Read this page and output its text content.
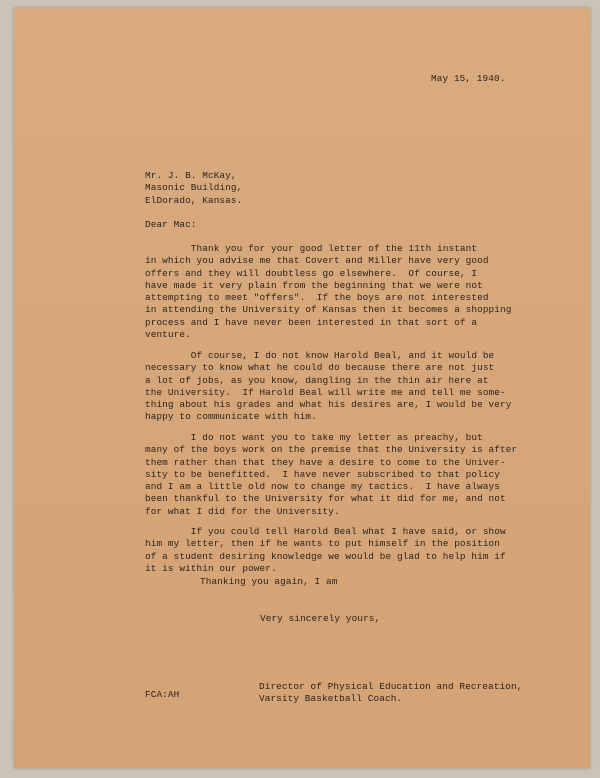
May 15, 1940.
Mr. J. B. McKay,
Masonic Building,
ElDorado, Kansas.
Dear Mac:
Thank you for your good letter of the 11th instant
in which you advise me that Covert and Miller have very good
offers and they will doubtless go elsewhere.  Of course, I
have made it very plain from the beginning that we were not
attempting to meet "offers".  If the boys are not interested
in attending the University of Kansas then it becomes a shopping
process and I have never been interested in that sort of a
venture.
Of course, I do not know Harold Beal, and it would be
necessary to know what he could do because there are not just
a lot of jobs, as you know, dangling in the thin air here at
the University.  If Harold Beal will write me and tell me some-
thing about his grades and what his desires are, I would be very
happy to communicate with him.
I do not want you to take my letter as preachy, but
many of the boys work on the premise that the University is after
them rather than that they have a desire to come to the Univer-
sity to be benefitted.  I have never subscribed to that policy
and I am a little old now to change my tactics.  I have always
been thankful to the University for what it did for me, and not
for what I did for the University.
If you could tell Harold Beal what I have said, or show
him my letter, then if he wants to put himself in the position
of a student desiring knowledge we would be glad to help him if
it is within our power.
Thanking you again, I am
Very sincerely yours,
Director of Physical Education and Recreation,
Varsity Basketball Coach.
FCA:AH
